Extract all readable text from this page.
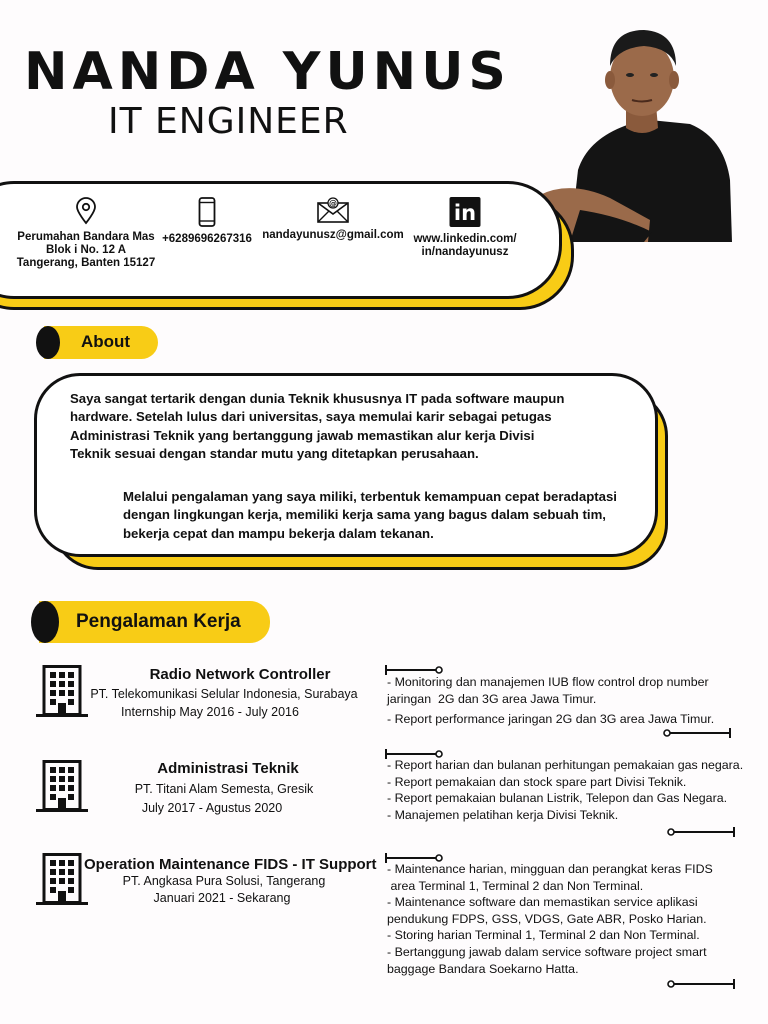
NANDA YUNUS
IT ENGINEER
Perumahan Bandara Mas
Blok i No. 12 A
Tangerang, Banten 15127
+6289696267316
@
nandayunusz@gmail.com
in
www.linkedin.com/
in/nandayunusz
About
Saya sangat tertarik dengan dunia Teknik khususnya IT pada software maupun
hardware. Setelah lulus dari universitas, saya memulai karir sebagai petugas
Administrasi Teknik yang bertanggung jawab memastikan alur kerja Divisi
Teknik sesuai dengan standar mutu yang ditetapkan perusahaan.
Melalui pengalaman yang saya miliki, terbentuk kemampuan cepat beradaptasi
dengan lingkungan kerja, memiliki kerja sama yang bagus dalam sebuah tim,
bekerja cepat dan mampu bekerja dalam tekanan.
Pengalaman Kerja
Radio Network Controller
PT. Telekomunikasi Selular Indonesia, Surabaya
Internship May 2016 - July 2016
- Monitoring dan manajemen IUB flow control drop number
jaringan  2G dan 3G area Jawa Timur.
- Report performance jaringan 2G dan 3G area Jawa Timur.
Administrasi Teknik
PT. Titani Alam Semesta, Gresik
July 2017 - Agustus 2020
- Report harian dan bulanan perhitungan pemakaian gas negara.
- Report pemakaian dan stock spare part Divisi Teknik.
- Report pemakaian bulanan Listrik, Telepon dan Gas Negara.
- Manajemen pelatihan kerja Divisi Teknik.
Operation Maintenance FIDS - IT Support
PT. Angkasa Pura Solusi, Tangerang
Januari 2021 - Sekarang
- Maintenance harian, mingguan dan perangkat keras FIDS
area Terminal 1, Terminal 2 dan Non Terminal.
- Maintenance software dan memastikan service aplikasi
pendukung FDPS, GSS, VDGS, Gate ABR, Posko Harian.
- Storing harian Terminal 1, Terminal 2 dan Non Terminal.
- Bertanggung jawab dalam service software project smart
baggage Bandara Soekarno Hatta.
